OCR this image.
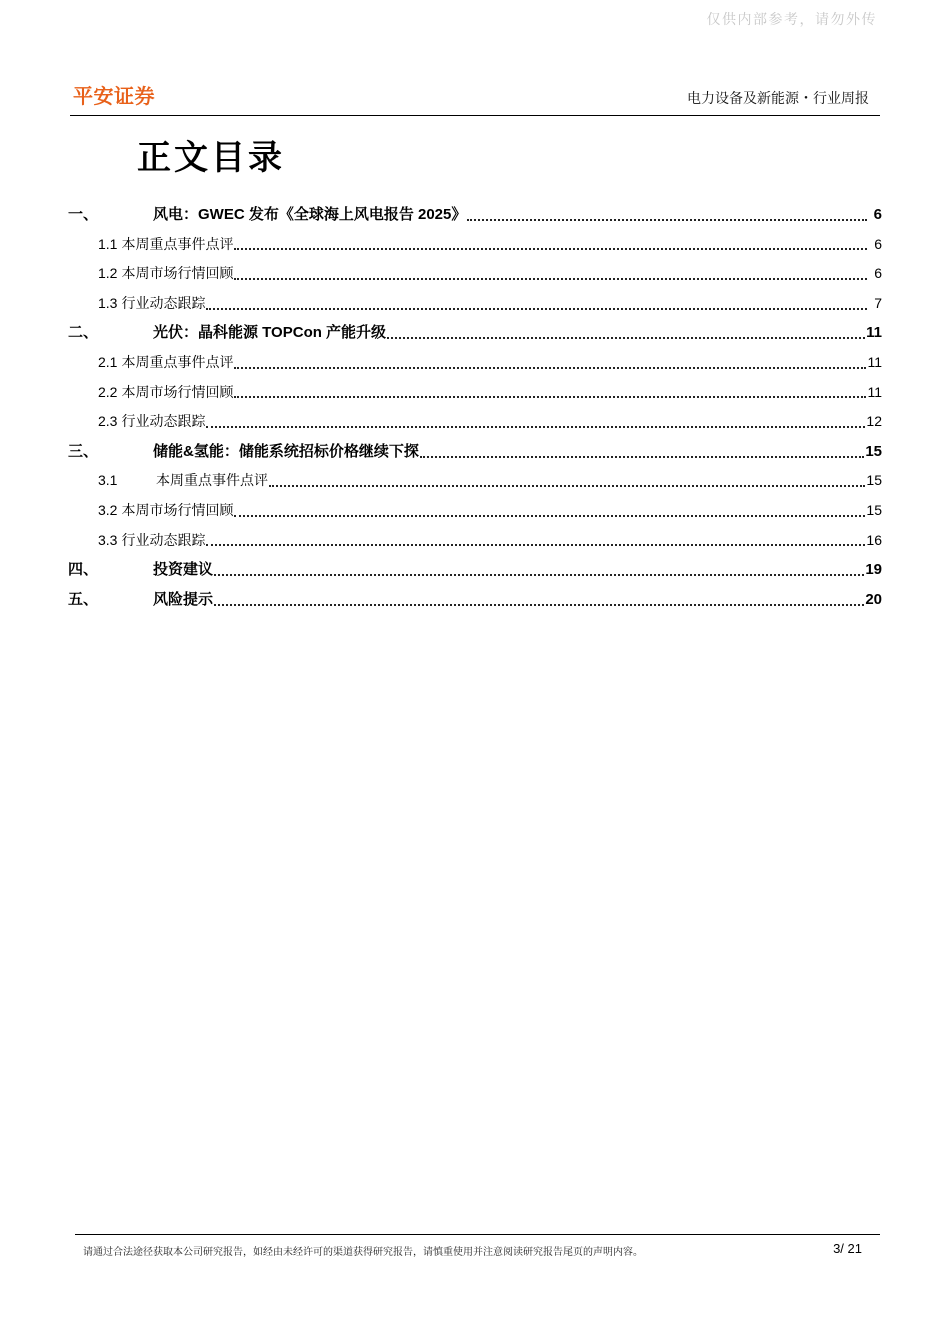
仅供内部参考，请勿外传
平安证券	电力设备及新能源・行业周报
正文目录
一、	风电：GWEC 发布《全球海上风电报告 2025》	6
1.1 本周重点事件点评	6
1.2 本周市场行情回顾	6
1.3 行业动态跟踪	7
二、	光伏：晶科能源 TOPCon 产能升级	11
2.1 本周重点事件点评	11
2.2 本周市场行情回顾	11
2.3 行业动态跟踪	12
三、	储能&氢能：储能系统招标价格继续下探	15
3.1	本周重点事件点评	15
3.2 本周市场行情回顾	15
3.3 行业动态跟踪	16
四、	投资建议	19
五、	风险提示	20
请通过合法途径获取本公司研究报告，如经由未经许可的渠道获得研究报告，请慎重使用并注意阅读研究报告尾页的声明内容。	3/ 21
